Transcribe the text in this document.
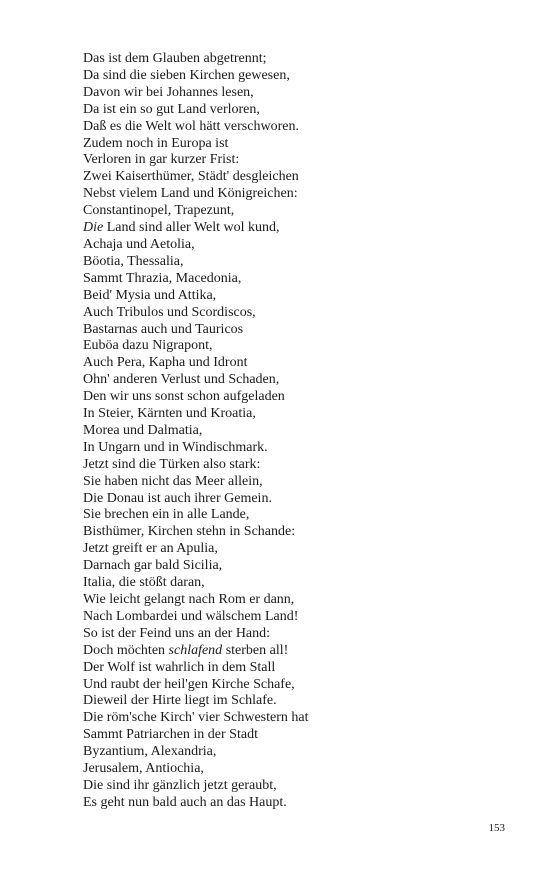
Das ist dem Glauben abgetrennt;
Da sind die sieben Kirchen gewesen,
Davon wir bei Johannes lesen,
Da ist ein so gut Land verloren,
Daß es die Welt wol hätt verschworen.
Zudem noch in Europa ist
Verloren in gar kurzer Frist:
Zwei Kaiserthümer, Städt' desgleichen
Nebst vielem Land und Königreichen:
Constantinopel, Trapezunt,
Die Land sind aller Welt wol kund,
Achaja und Aetolia,
Böotia, Thessalia,
Sammt Thrazia, Macedonia,
Beid' Mysia und Attika,
Auch Tribulos und Scordiscos,
Bastarnas auch und Tauricos
Euböa dazu Nigrapont,
Auch Pera, Kapha und Idront
Ohn' anderen Verlust und Schaden,
Den wir uns sonst schon aufgeladen
In Steier, Kärnten und Kroatia,
Morea und Dalmatia,
In Ungarn und in Windischmark.
Jetzt sind die Türken also stark:
Sie haben nicht das Meer allein,
Die Donau ist auch ihrer Gemein.
Sie brechen ein in alle Lande,
Bisthümer, Kirchen stehn in Schande:
Jetzt greift er an Apulia,
Darnach gar bald Sicilia,
Italia, die stößt daran,
Wie leicht gelangt nach Rom er dann,
Nach Lombardei und wälschem Land!
So ist der Feind uns an der Hand:
Doch möchten schlafend sterben all!
Der Wolf ist wahrlich in dem Stall
Und raubt der heil'gen Kirche Schafe,
Dieweil der Hirte liegt im Schlafe.
Die röm'sche Kirch' vier Schwestern hat
Sammt Patriarchen in der Stadt
Byzantium, Alexandria,
Jerusalem, Antiochia,
Die sind ihr gänzlich jetzt geraubt,
Es geht nun bald auch an das Haupt.
153
